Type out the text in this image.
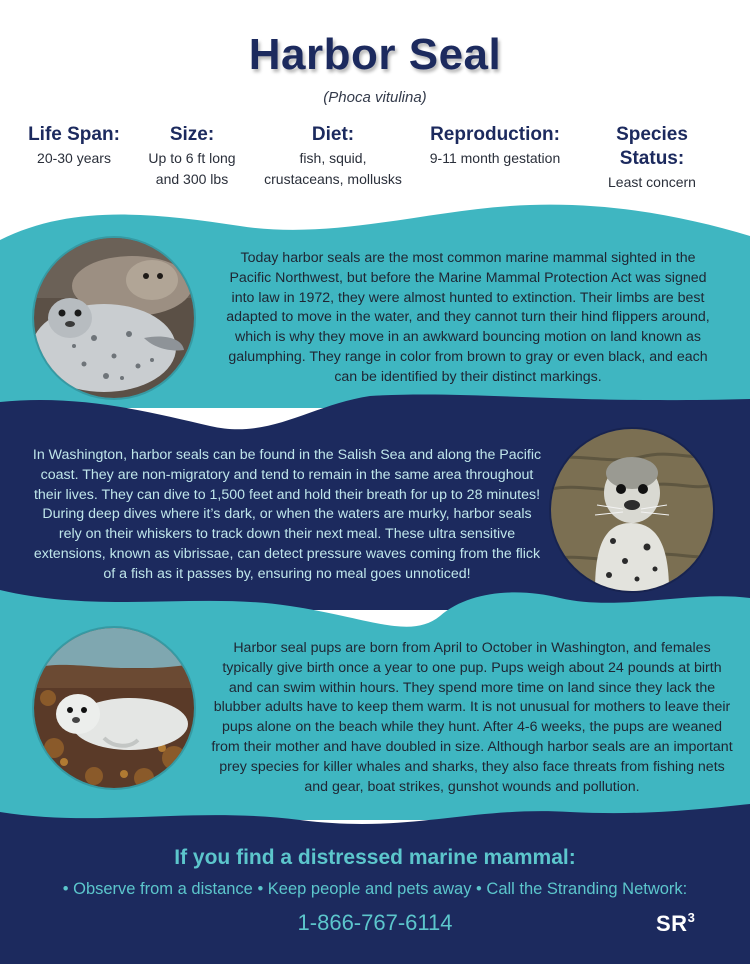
Harbor Seal
(Phoca vitulina)
Life Span:
20-30 years
Size:
Up to 6 ft long
and 300 lbs
Diet:
fish, squid,
crustaceans, mollusks
Reproduction:
9-11 month gestation
Species Status:
Least concern
Today harbor seals are the most common marine mammal sighted in the Pacific Northwest, but before the Marine Mammal Protection Act was signed into law in 1972, they were almost hunted to extinction. Their limbs are best adapted to move in the water, and they cannot turn their hind flippers around, which is why they move in an awkward bouncing motion on land known as galumphing. They range in color from brown to gray or even black, and each can be identified by their distinct markings.
In Washington, harbor seals can be found in the Salish Sea and along the Pacific coast. They are non-migratory and tend to remain in the same area throughout their lives. They can dive to 1,500 feet and hold their breath for up to 28 minutes! During deep dives where it’s dark, or when the waters are murky, harbor seals rely on their whiskers to track down their next meal. These ultra sensitive extensions, known as vibrissae, can detect pressure waves coming from the flick of a fish as it passes by, ensuring no meal goes unnoticed!
Harbor seal pups are born from April to October in Washington, and females typically give birth once a year to one pup. Pups weigh about 24 pounds at birth and can swim within hours. They spend more time on land since they lack the blubber adults have to keep them warm. It is not unusual for mothers to leave their pups alone on the beach while they hunt. After 4-6 weeks, the pups are weaned from their mother and have doubled in size. Although harbor seals are an important prey species for killer whales and sharks, they also face threats from fishing nets and gear, boat strikes, gunshot wounds and pollution.
If you find a distressed marine mammal:
• Observe from a distance • Keep people and pets away • Call the Stranding Network:
1-866-767-6114	$SR^3$
